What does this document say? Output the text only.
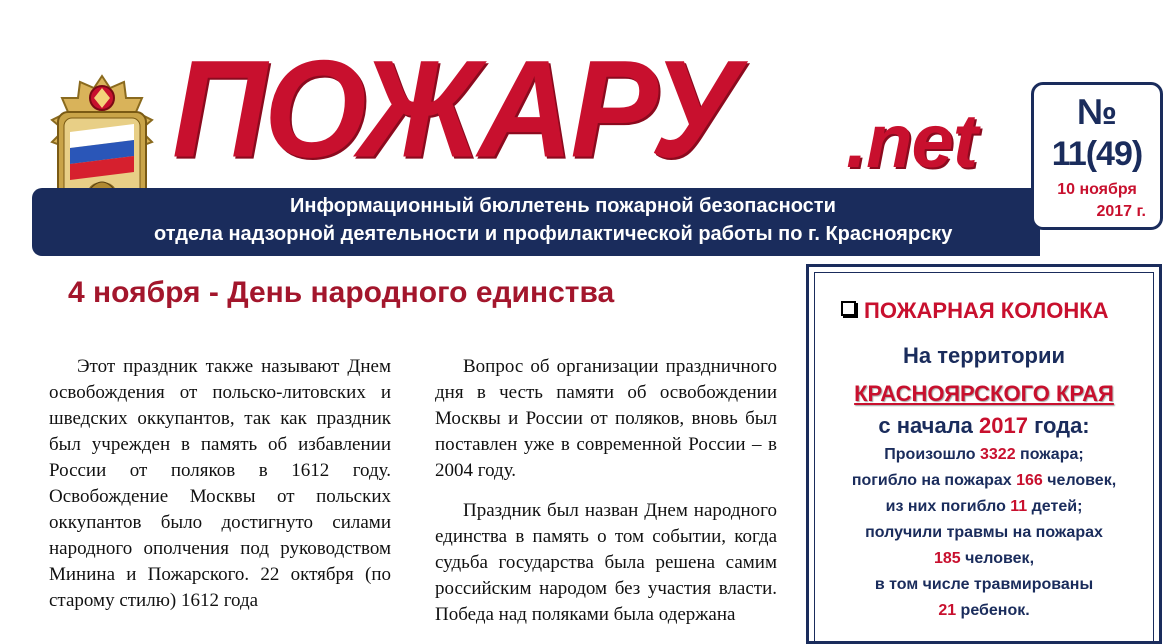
ПОЖАРУ .net
Информационный бюллетень пожарной безопасности
отдела надзорной деятельности и профилактической работы по г. Красноярску
№
11(49)
10 ноября
2017 г.
4 ноября - День народного единства

Этот праздник также называют Днем освобождения от польско-литовских и шведских оккупантов, так как праздник был учрежден в память об избавлении России от поляков в 1612 году. Освобождение Москвы от польских оккупантов было достигнуто силами народного ополчения под руководством Минина и Пожарского. 22 октября (по старому стилю) 1612 года

Вопрос об организации праздничного дня в честь памяти об освобождении Москвы и России от поляков, вновь был поставлен уже в современной России – в 2004 году.

Праздник был назван Днем народного единства в память о том событии, когда судьба государства была решена самим российским народом без участия власти. Победа над поляками была одержана

ПОЖАРНАЯ КОЛОНКА
На территории
КРАСНОЯРСКОГО КРАЯ
с начала 2017 года:
Произошло 3322 пожара;
погибло на пожарах 166 человек,
из них погибло 11 детей;
получили травмы на пожарах
185 человек,
в том числе травмированы
21 ребенок.
